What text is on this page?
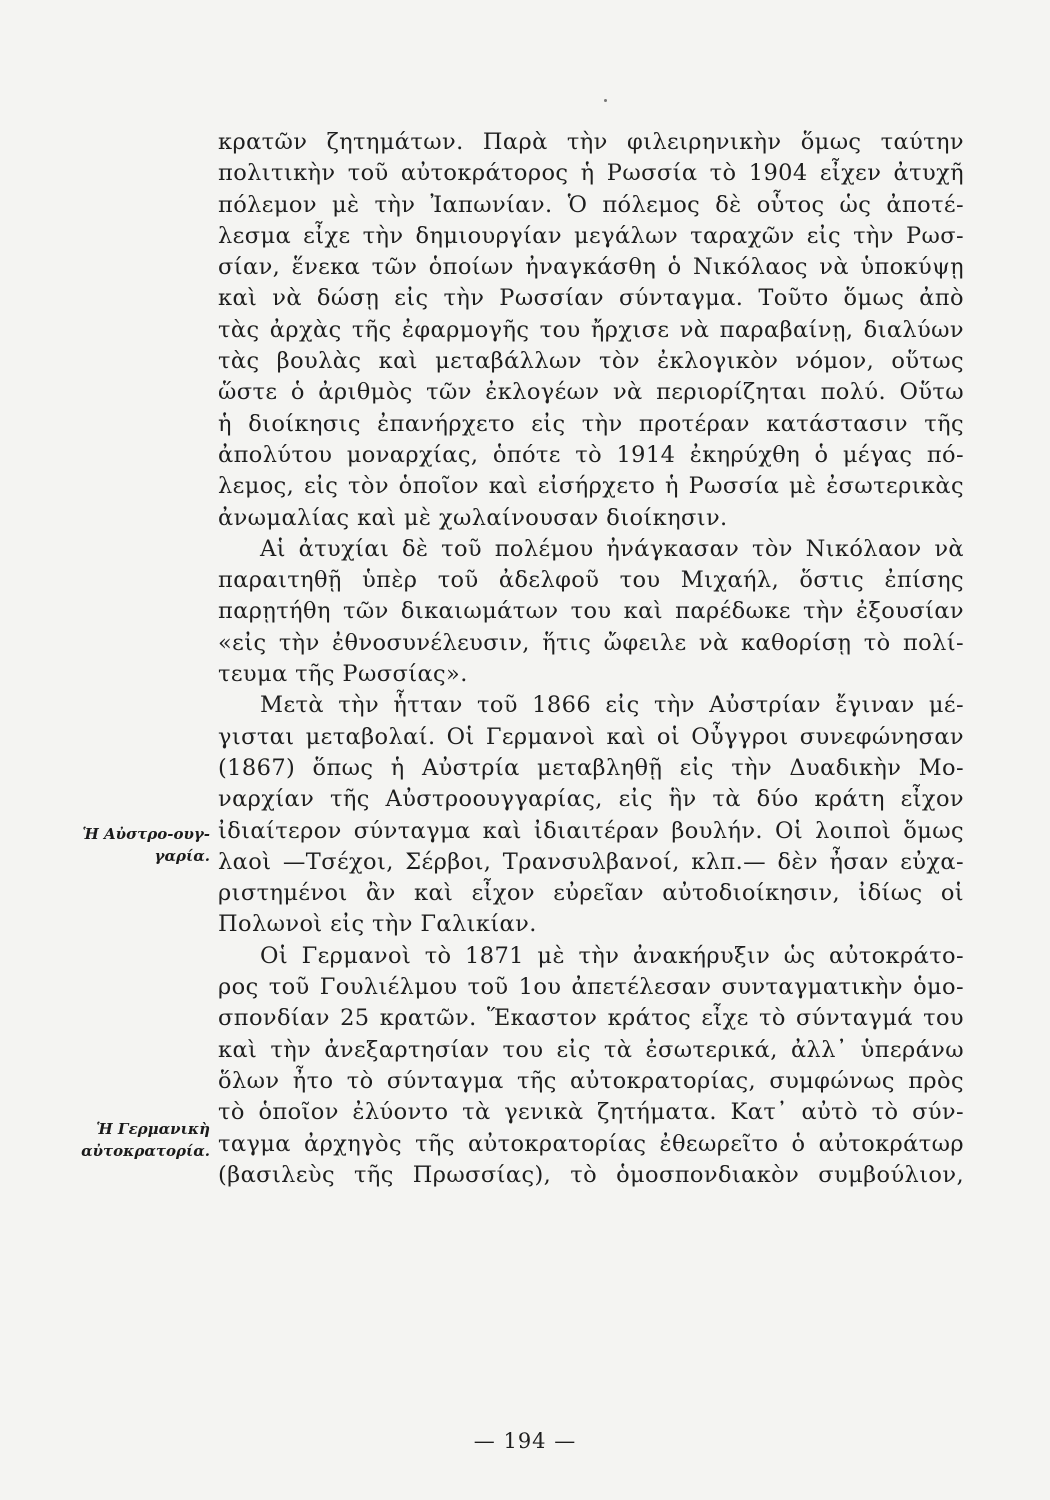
κρατῶν ζητημάτων. Παρὰ τὴν φιλειρηνικὴν ὅμως ταύτην
πολιτικὴν τοῦ αὐτοκράτορος ἡ Ρωσσία τὸ 1904 εἶχεν ἀτυχῆ
πόλεμον μὲ τὴν Ἰαπωνίαν. Ὁ πόλεμος δὲ οὗτος ὡς ἀποτέ-
λεσμα εἶχε τὴν δημιουργίαν μεγάλων ταραχῶν εἰς τὴν Ρωσ-
σίαν, ἕνεκα τῶν ὁποίων ἠναγκάσθη ὁ Νικόλαος νὰ ὑποκύψῃ
καὶ νὰ δώσῃ εἰς τὴν Ρωσσίαν σύνταγμα. Τοῦτο ὅμως ἀπὸ
τὰς ἀρχὰς τῆς ἐφαρμογῆς του ἤρχισε νὰ παραβαίνῃ, διαλύων
τὰς βουλὰς καὶ μεταβάλλων τὸν ἐκλογικὸν νόμον, οὕτως
ὥστε ὁ ἀριθμὸς τῶν ἐκλογέων νὰ περιορίζηται πολύ. Οὕτω
ἡ διοίκησις ἐπανήρχετο εἰς τὴν προτέραν κατάστασιν τῆς
ἀπολύτου μοναρχίας, ὁπότε τὸ 1914 ἐκηρύχθη ὁ μέγας πό-
λεμος, εἰς τὸν ὁποῖον καὶ εἰσήρχετο ἡ Ρωσσία μὲ ἐσωτερικὰς
ἀνωμαλίας καὶ μὲ χωλαίνουσαν διοίκησιν.
Αἱ ἀτυχίαι δὲ τοῦ πολέμου ἠνάγκασαν τὸν Νικόλαον νὰ
παραιτηθῇ ὑπὲρ τοῦ ἀδελφοῦ του Μιχαήλ, ὅστις ἐπίσης
παρῃτήθη τῶν δικαιωμάτων του καὶ παρέδωκε τὴν ἐξουσίαν
«εἰς τὴν ἐθνοσυνέλευσιν, ἥτις ὤφειλε νὰ καθορίσῃ τὸ πολί-
τευμα τῆς Ρωσσίας».
Μετὰ τὴν ἧτταν τοῦ 1866 εἰς τὴν Αὐστρίαν ἔγιναν μέ-
γισται μεταβολαί. Οἱ Γερμανοὶ καὶ οἱ Οὖγγροι συνεφώνησαν
(1867) ὅπως ἡ Αὐστρία μεταβληθῇ εἰς τὴν Δυαδικὴν Μο-
ναρχίαν τῆς Αὐστροουγγαρίας, εἰς ἣν τὰ δύο κράτη εἶχον
ἰδιαίτερον σύνταγμα καὶ ἰδιαιτέραν βουλήν. Οἱ λοιποὶ ὅμως
λαοὶ —Τσέχοι, Σέρβοι, Τρανσυλβανοί, κλπ.— δὲν ἦσαν εὐχα-
ριστημένοι ἂν καὶ εἶχον εὐρεῖαν αὐτοδιοίκησιν, ἰδίως οἱ
Πολωνοὶ εἰς τὴν Γαλικίαν.
Οἱ Γερμανοὶ τὸ 1871 μὲ τὴν ἀνακήρυξιν ὡς αὐτοκράτο-
ρος τοῦ Γουλιέλμου τοῦ 1ου ἀπετέλεσαν συνταγματικὴν ὁμο-
σπονδίαν 25 κρατῶν. Ἕκαστον κράτος εἶχε τὸ σύνταγμά του
καὶ τὴν ἀνεξαρτησίαν του εἰς τὰ ἐσωτερικά, ἀλλ᾽ ὑπεράνω
ὅλων ἦτο τὸ σύνταγμα τῆς αὐτοκρατορίας, συμφώνως πρὸς
τὸ ὁποῖον ἐλύοντο τὰ γενικὰ ζητήματα. Κατ᾽ αὐτὸ τὸ σύν-
ταγμα ἀρχηγὸς τῆς αὐτοκρατορίας ἐθεωρεῖτο ὁ αὐτοκράτωρ
(βασιλεὺς τῆς Πρωσσίας), τὸ ὁμοσπονδιακὸν συμβούλιον,
Ἡ Αὐστρο-ουγ-
γαρία.
Ἡ Γερμανικὴ
αὐτοκρατορία.
— 194 —
